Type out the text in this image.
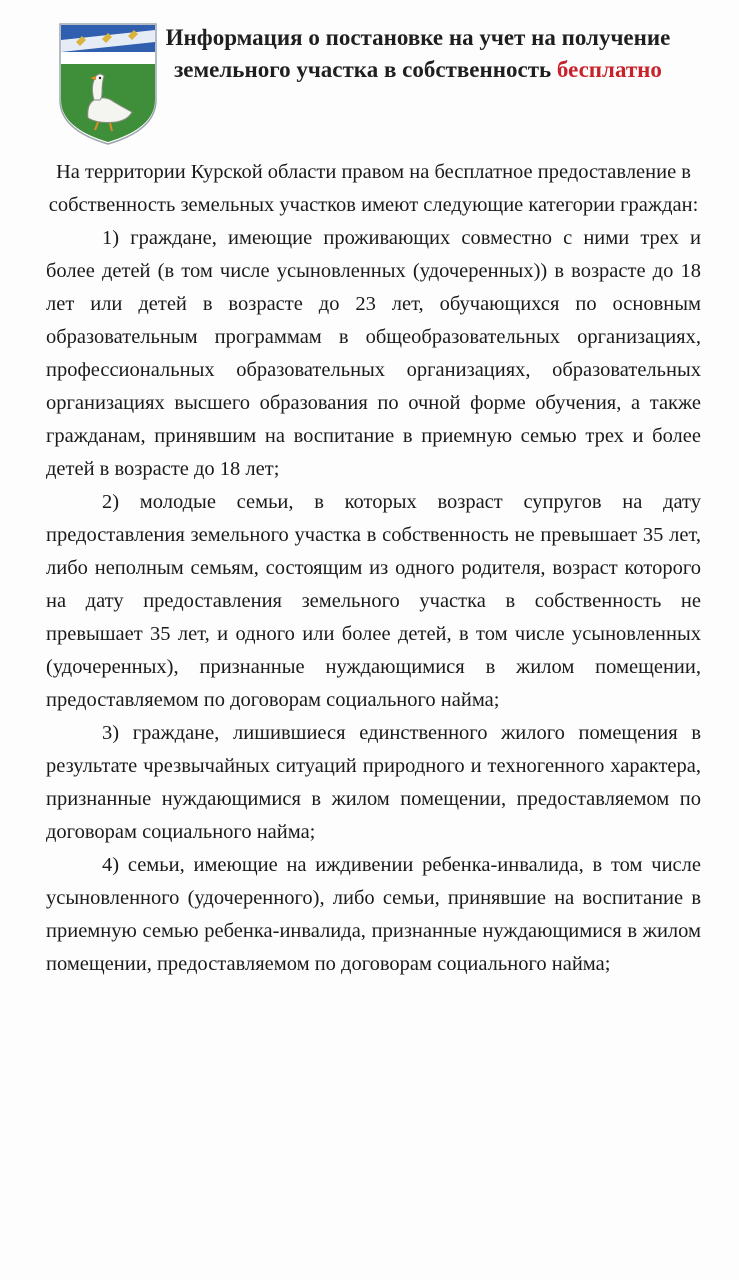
Информация о постановке на учет на получение земельного участка в собственность бесплатно
На территории Курской области правом на бесплатное предоставление в собственность земельных участков имеют следующие категории граждан:

1) граждане, имеющие проживающих совместно с ними трех и более детей (в том числе усыновленных (удочеренных)) в возрасте до 18 лет или детей в возрасте до 23 лет, обучающихся по основным образовательным программам в общеобразовательных организациях, профессиональных образовательных организациях, образовательных организациях высшего образования по очной форме обучения, а также гражданам, принявшим на воспитание в приемную семью трех и более детей в возрасте до 18 лет;

2) молодые семьи, в которых возраст супругов на дату предоставления земельного участка в собственность не превышает 35 лет, либо неполным семьям, состоящим из одного родителя, возраст которого на дату предоставления земельного участка в собственность не превышает 35 лет, и одного или более детей, в том числе усыновленных (удочеренных), признанные нуждающимися в жилом помещении, предоставляемом по договорам социального найма;

3) граждане, лишившиеся единственного жилого помещения в результате чрезвычайных ситуаций природного и техногенного характера, признанные нуждающимися в жилом помещении, предоставляемом по договорам социального найма;

4) семьи, имеющие на иждивении ребенка-инвалида, в том числе усыновленного (удочеренного), либо семьи, принявшие на воспитание в приемную семью ребенка-инвалида, признанные нуждающимися в жилом помещении, предоставляемом по договорам социального найма;
